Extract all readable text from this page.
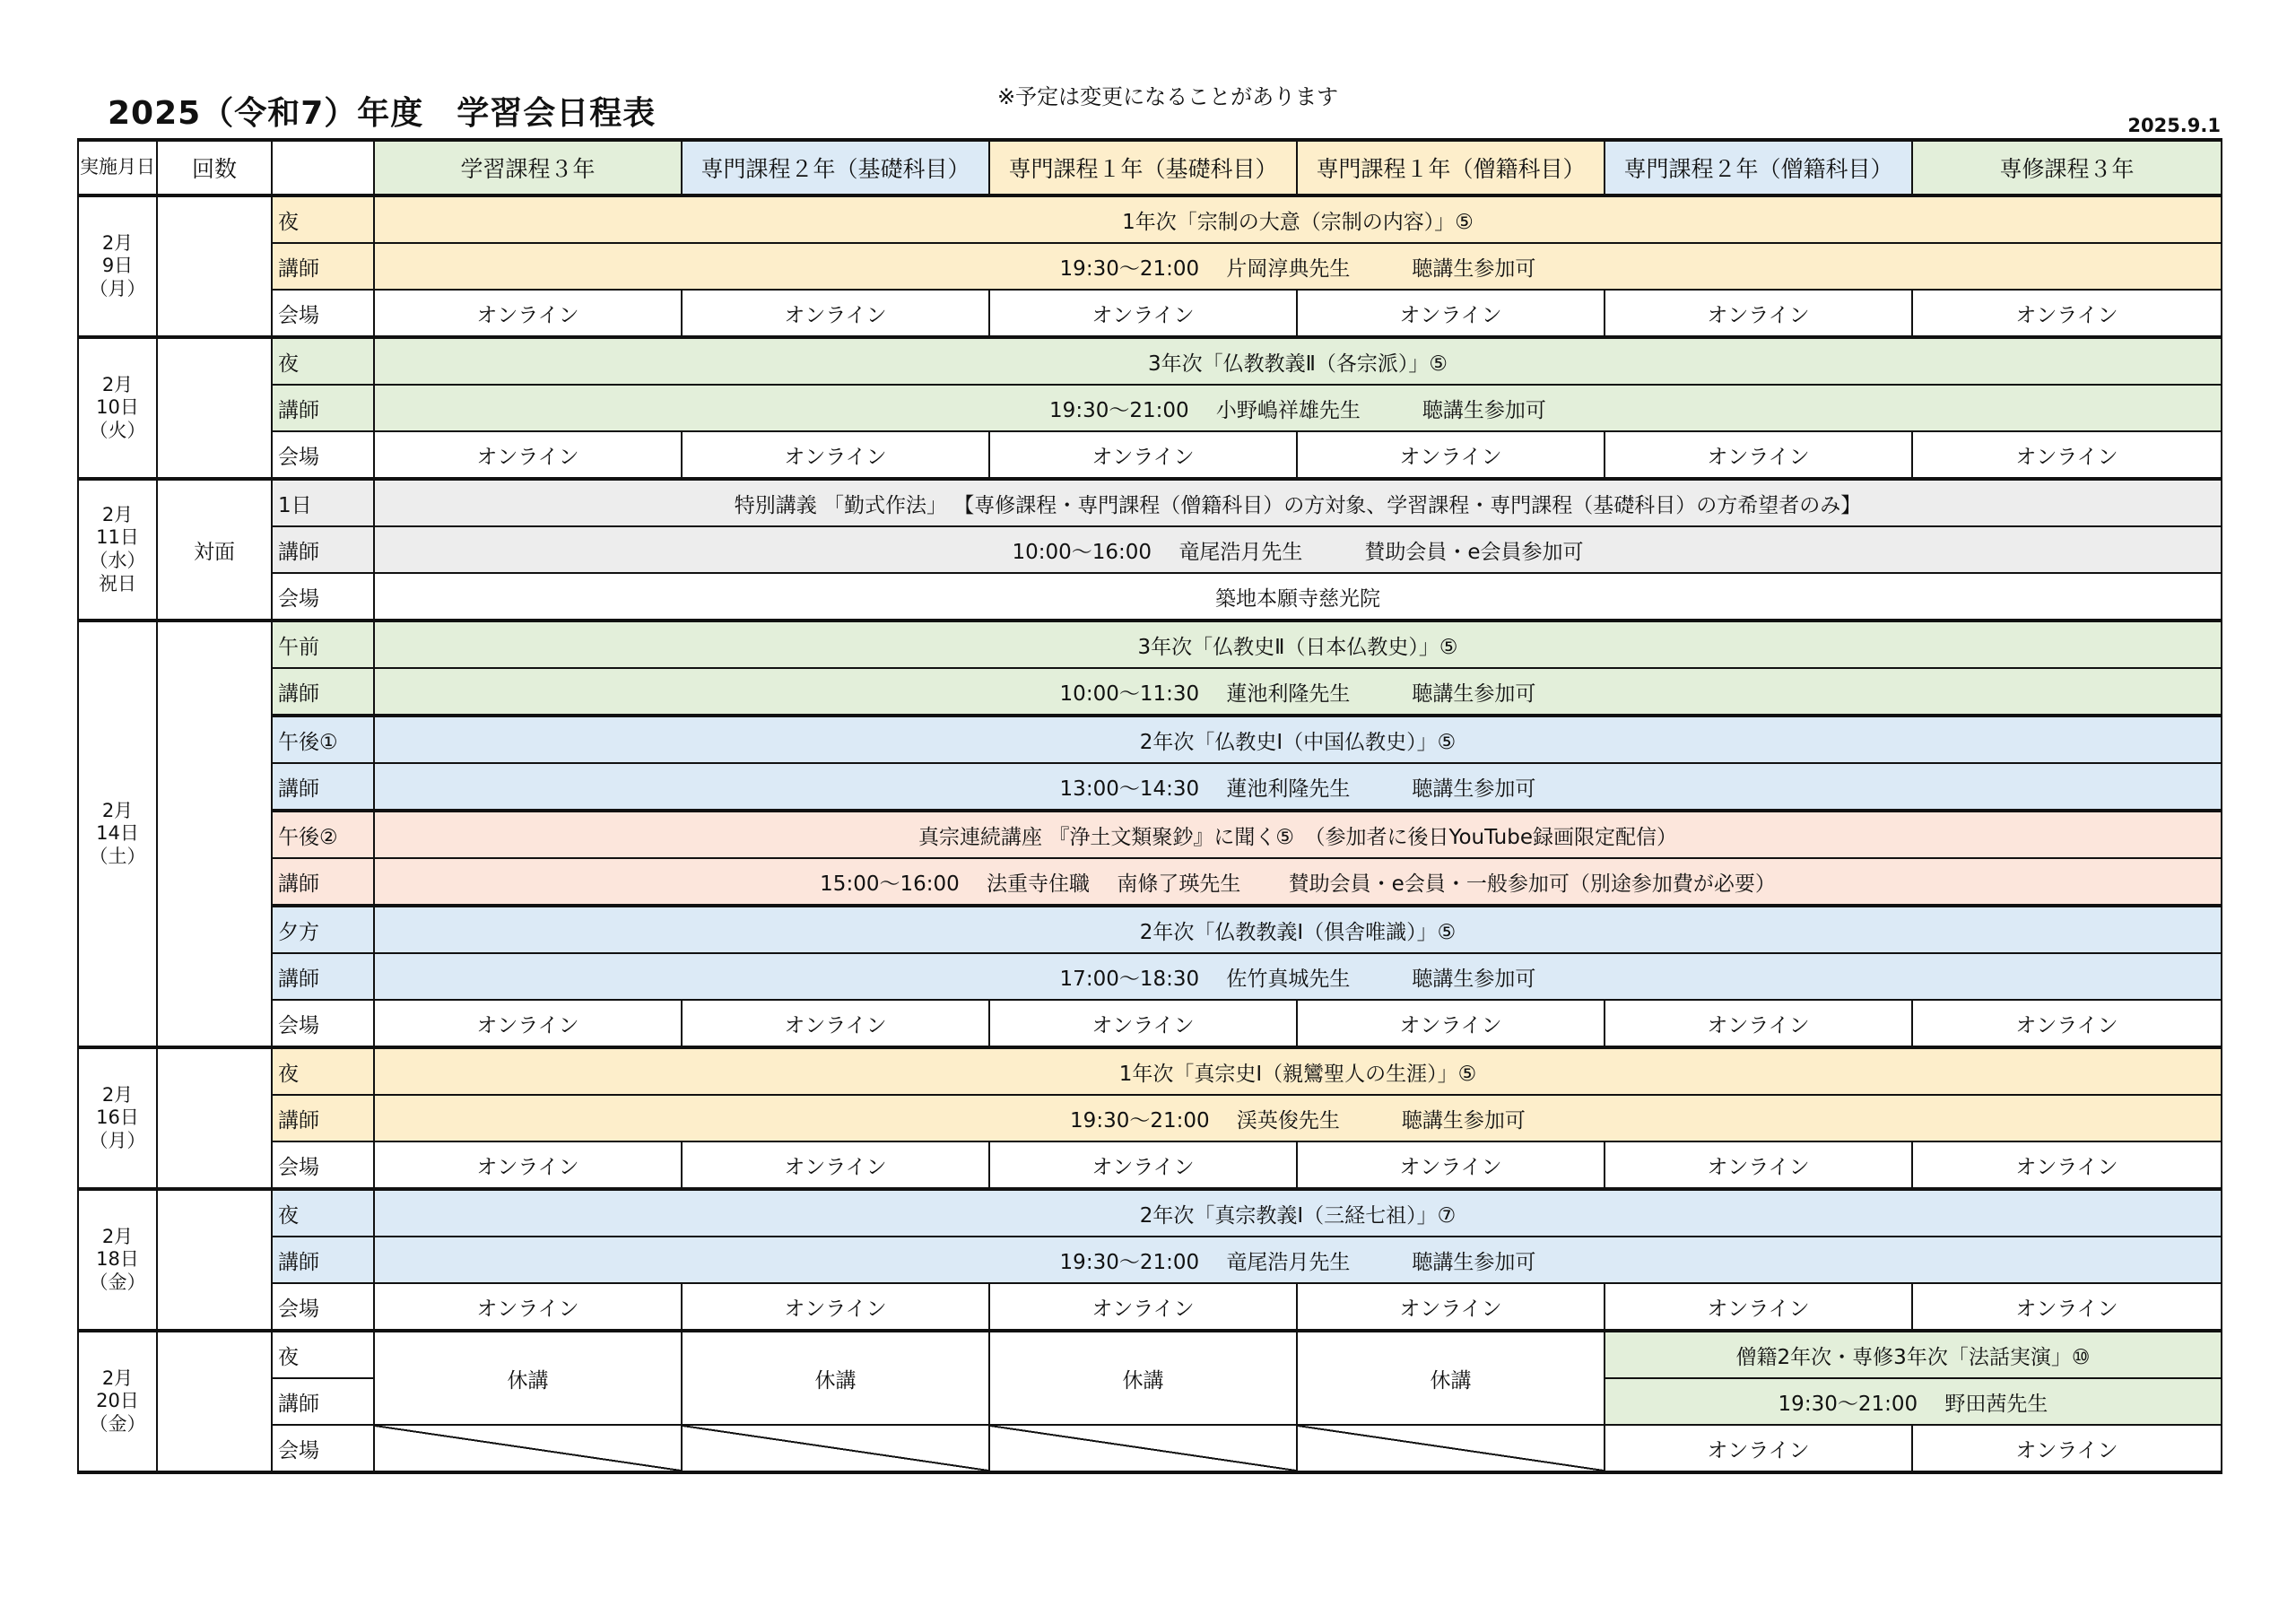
2025（令和7）年度　学習会日程表	※予定は変更になることがあります
2025.9.1
実施月日	回数		学習課程３年	専門課程２年（基礎科目）	専門課程１年（基礎科目）	専門課程１年（僧籍科目）	専門課程２年（僧籍科目）	専修課程３年

2月
9日
（月）		夜	1年次「宗制の大意（宗制の内容）」⑤					
		講師	19:30〜21:00　 片岡淳典先生　　　聴講生参加可					
		会場	オンライン	オンライン	オンライン	オンライン	オンライン	オンライン

2月
10日
（火）		夜	3年次「仏教教義Ⅱ（各宗派）」⑤					
		講師	19:30〜21:00　 小野嶋祥雄先生　　　聴講生参加可					
		会場	オンライン	オンライン	オンライン	オンライン	オンライン	オンライン

2月
11日
（水）
祝日	対面	1日	特別講義 「勤式作法」 【専修課程・専門課程（僧籍科目）の方対象、学習課程・専門課程（基礎科目）の方希望者のみ】					
		講師	10:00〜16:00　 竜尾浩月先生　　　賛助会員・e会員参加可					
		会場	築地本願寺慈光院					

2月
14日
（土）		午前	3年次「仏教史Ⅱ（日本仏教史）」⑤					
		講師	10:00〜11:30　 蓮池利隆先生　　　聴講生参加可					
		午後①	2年次「仏教史Ⅰ（中国仏教史）」⑤					
		講師	13:00〜14:30　 蓮池利隆先生　　　聴講生参加可					
		午後②	真宗連続講座 『浄土文類聚鈔』に聞く⑤　（参加者に後日YouTube録画限定配信）					
		講師	15:00〜16:00　 法重寺住職　 南條了瑛先生　　 賛助会員・e会員・一般参加可（別途参加費が必要）					
		夕方	2年次「仏教教義Ⅰ（倶舎唯識）」⑤					
		講師	17:00〜18:30　 佐竹真城先生　　　聴講生参加可					
		会場	オンライン	オンライン	オンライン	オンライン	オンライン	オンライン

2月
16日
（月）		夜	1年次「真宗史Ⅰ（親鸞聖人の生涯）」⑤					
		講師	19:30〜21:00　 渓英俊先生　　　聴講生参加可					
		会場	オンライン	オンライン	オンライン	オンライン	オンライン	オンライン

2月
18日
（金）		夜	2年次「真宗教義Ⅰ（三経七祖）」⑦					
		講師	19:30〜21:00　 竜尾浩月先生　　　聴講生参加可					
		会場	オンライン	オンライン	オンライン	オンライン	オンライン	オンライン

2月
20日
（金）		夜	休講	休講	休講	休講	僧籍2年次・専修3年次「法話実演」⑩	
		講師					19:30〜21:00　 野田茜先生	
		会場					オンライン	オンライン
